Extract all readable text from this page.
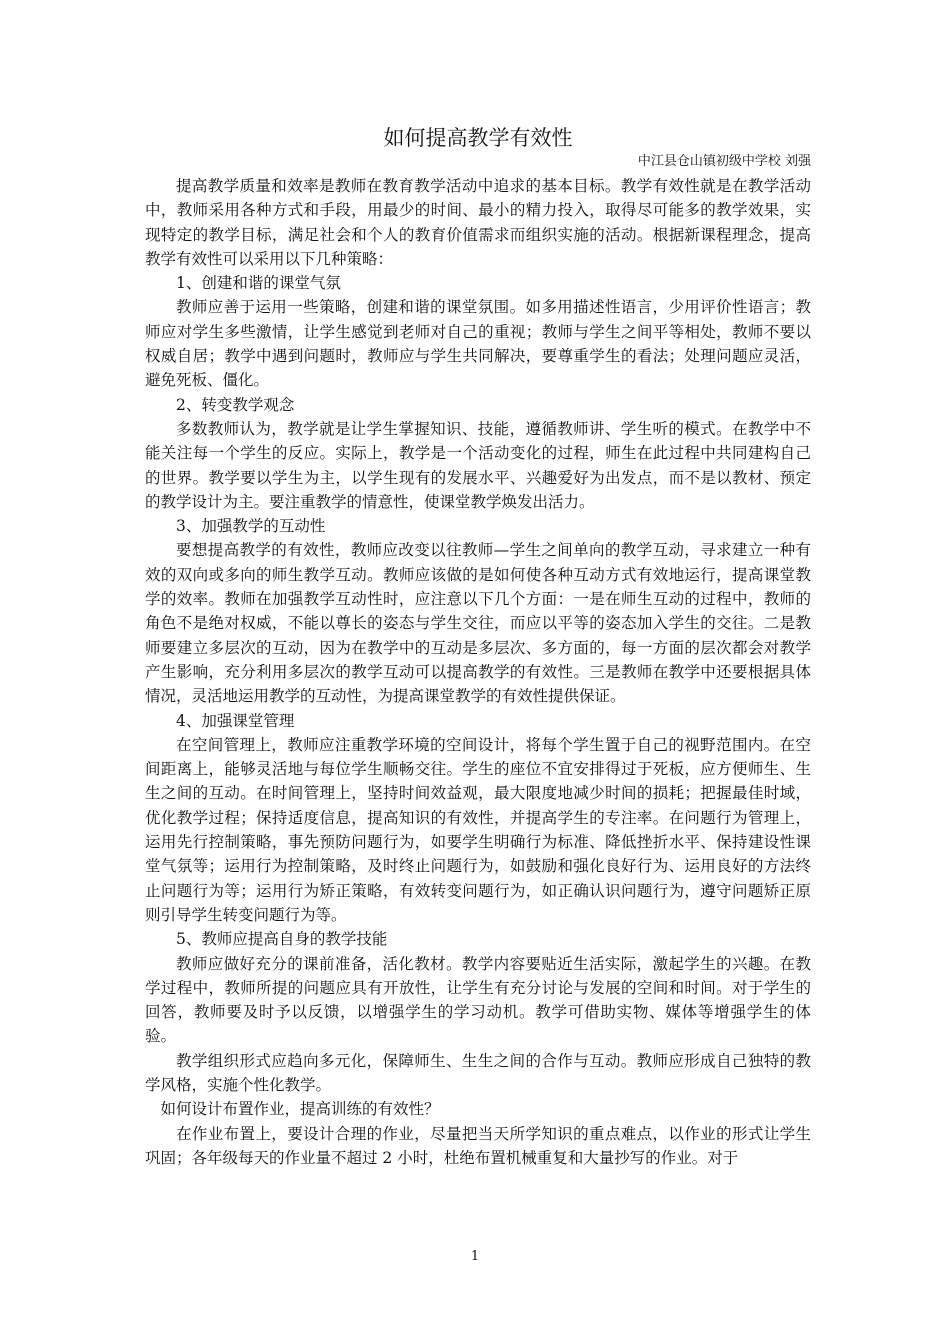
如何提高教学有效性
中江县仓山镇初级中学校 刘强

提高教学质量和效率是教师在教育教学活动中追求的基本目标。教学有效性就是在教学活动中，教师采用各种方式和手段，用最少的时间、最小的精力投入，取得尽可能多的教学效果，实现特定的教学目标，满足社会和个人的教育价值需求而组织实施的活动。根据新课程理念，提高教学有效性可以采用以下几种策略：

1、创建和谐的课堂气氛

教师应善于运用一些策略，创建和谐的课堂氛围。如多用描述性语言，少用评价性语言；教师应对学生多些激情，让学生感觉到老师对自己的重视；教师与学生之间平等相处，教师不要以权威自居；教学中遇到问题时，教师应与学生共同解决，要尊重学生的看法；处理问题应灵活，避免死板、僵化。

2、转变教学观念

多数教师认为，教学就是让学生掌握知识、技能，遵循教师讲、学生听的模式。在教学中不能关注每一个学生的反应。实际上，教学是一个活动变化的过程，师生在此过程中共同建构自己的世界。教学要以学生为主，以学生现有的发展水平、兴趣爱好为出发点，而不是以教材、预定的教学设计为主。要注重教学的情意性，使课堂教学焕发出活力。

3、加强教学的互动性

要想提高教学的有效性，教师应改变以往教师—学生之间单向的教学互动，寻求建立一种有效的双向或多向的师生教学互动。教师应该做的是如何使各种互动方式有效地运行，提高课堂教学的效率。教师在加强教学互动性时，应注意以下几个方面：一是在师生互动的过程中，教师的角色不是绝对权威，不能以尊长的姿态与学生交往，而应以平等的姿态加入学生的交往。二是教师要建立多层次的互动，因为在教学中的互动是多层次、多方面的，每一方面的层次都会对教学产生影响，充分利用多层次的教学互动可以提高教学的有效性。三是教师在教学中还要根据具体情况，灵活地运用教学的互动性，为提高课堂教学的有效性提供保证。

4、加强课堂管理

在空间管理上，教师应注重教学环境的空间设计，将每个学生置于自己的视野范围内。在空间距离上，能够灵活地与每位学生顺畅交往。学生的座位不宜安排得过于死板，应方便师生、生生之间的互动。在时间管理上，坚持时间效益观，最大限度地减少时间的损耗；把握最佳时域，优化教学过程；保持适度信息，提高知识的有效性，并提高学生的专注率。在问题行为管理上，运用先行控制策略，事先预防问题行为，如要学生明确行为标准、降低挫折水平、保持建设性课堂气氛等；运用行为控制策略，及时终止问题行为，如鼓励和强化良好行为、运用良好的方法终止问题行为等；运用行为矫正策略，有效转变问题行为，如正确认识问题行为，遵守问题矫正原则引导学生转变问题行为等。

5、教师应提高自身的教学技能

教师应做好充分的课前准备，活化教材。教学内容要贴近生活实际，激起学生的兴趣。在教学过程中，教师所提的问题应具有开放性，让学生有充分讨论与发展的空间和时间。对于学生的回答，教师要及时予以反馈，以增强学生的学习动机。教学可借助实物、媒体等增强学生的体验。

教学组织形式应趋向多元化，保障师生、生生之间的合作与互动。教师应形成自己独特的教学风格，实施个性化教学。

如何设计布置作业，提高训练的有效性？

在作业布置上，要设计合理的作业，尽量把当天所学知识的重点难点，以作业的形式让学生巩固；各年级每天的作业量不超过 2 小时，杜绝布置机械重复和大量抄写的作业。对于

1
